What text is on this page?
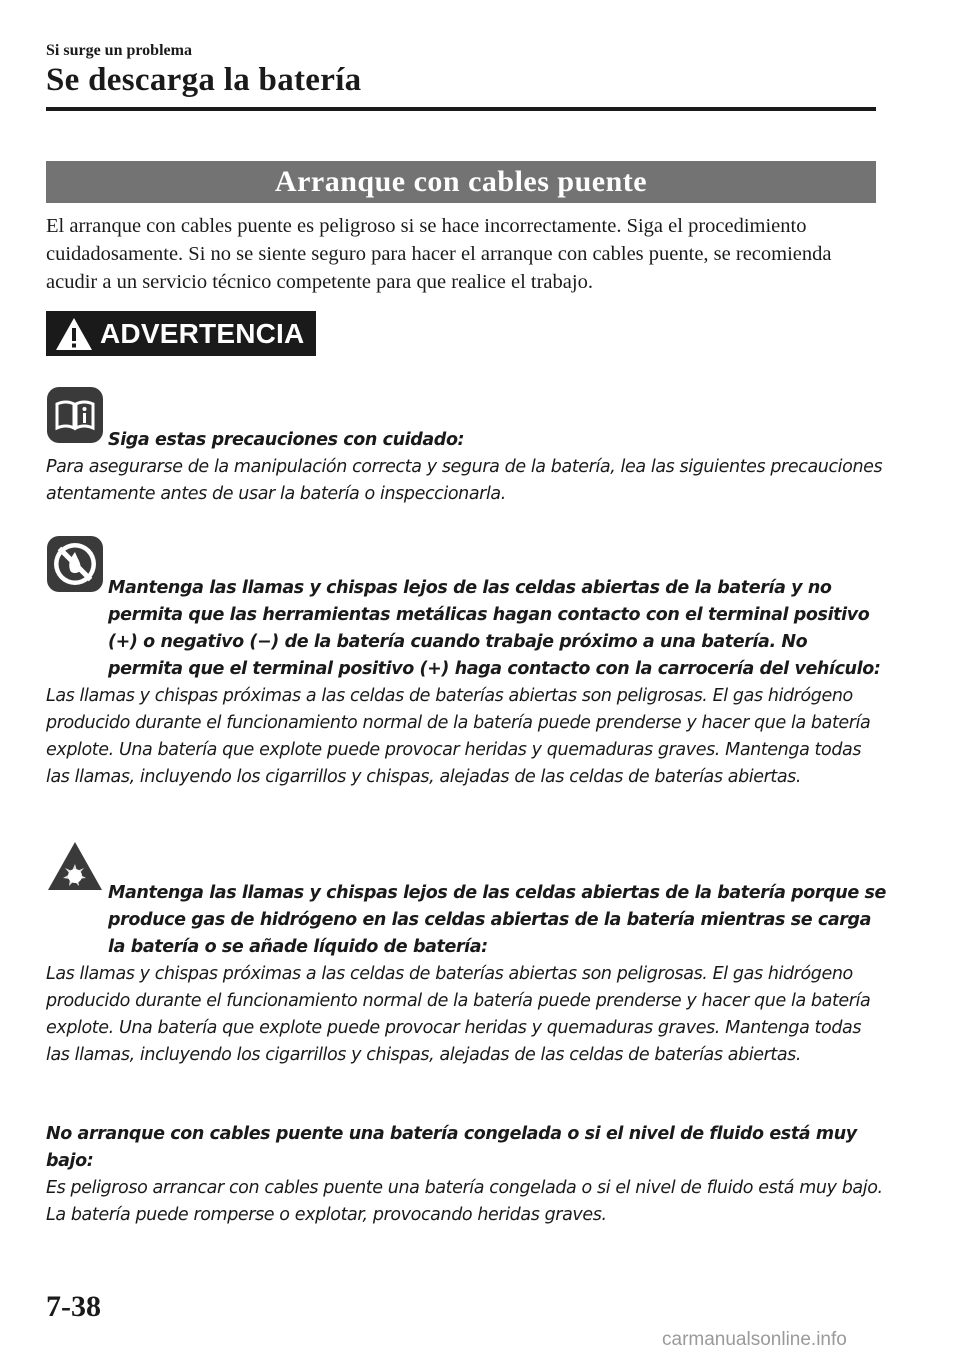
Si surge un problema
Se descarga la batería
Arranque con cables puente

El arranque con cables puente es peligroso si se hace incorrectamente. Siga el procedimiento cuidadosamente. Si no se siente seguro para hacer el arranque con cables puente, se recomienda acudir a un servicio técnico competente para que realice el trabajo.

ADVERTENCIA
Siga estas precauciones con cuidado:
Para asegurarse de la manipulación correcta y segura de la batería, lea las siguientes precauciones atentamente antes de usar la batería o inspeccionarla.
Mantenga las llamas y chispas lejos de las celdas abiertas de la batería y no permita que las herramientas metálicas hagan contacto con el terminal positivo (+) o negativo (−) de la batería cuando trabaje próximo a una batería. No permita que el terminal positivo (+) haga contacto con la carrocería del vehículo:
Las llamas y chispas próximas a las celdas de baterías abiertas son peligrosas. El gas hidrógeno producido durante el funcionamiento normal de la batería puede prenderse y hacer que la batería explote. Una batería que explote puede provocar heridas y quemaduras graves. Mantenga todas las llamas, incluyendo los cigarrillos y chispas, alejadas de las celdas de baterías abiertas.
Mantenga las llamas y chispas lejos de las celdas abiertas de la batería porque se produce gas de hidrógeno en las celdas abiertas de la batería mientras se carga la batería o se añade líquido de batería:
Las llamas y chispas próximas a las celdas de baterías abiertas son peligrosas. El gas hidrógeno producido durante el funcionamiento normal de la batería puede prenderse y hacer que la batería explote. Una batería que explote puede provocar heridas y quemaduras graves. Mantenga todas las llamas, incluyendo los cigarrillos y chispas, alejadas de las celdas de baterías abiertas.
No arranque con cables puente una batería congelada o si el nivel de fluido está muy bajo:
Es peligroso arrancar con cables puente una batería congelada o si el nivel de fluido está muy bajo. La batería puede romperse o explotar, provocando heridas graves.
7-38
carmanualsonline.info
